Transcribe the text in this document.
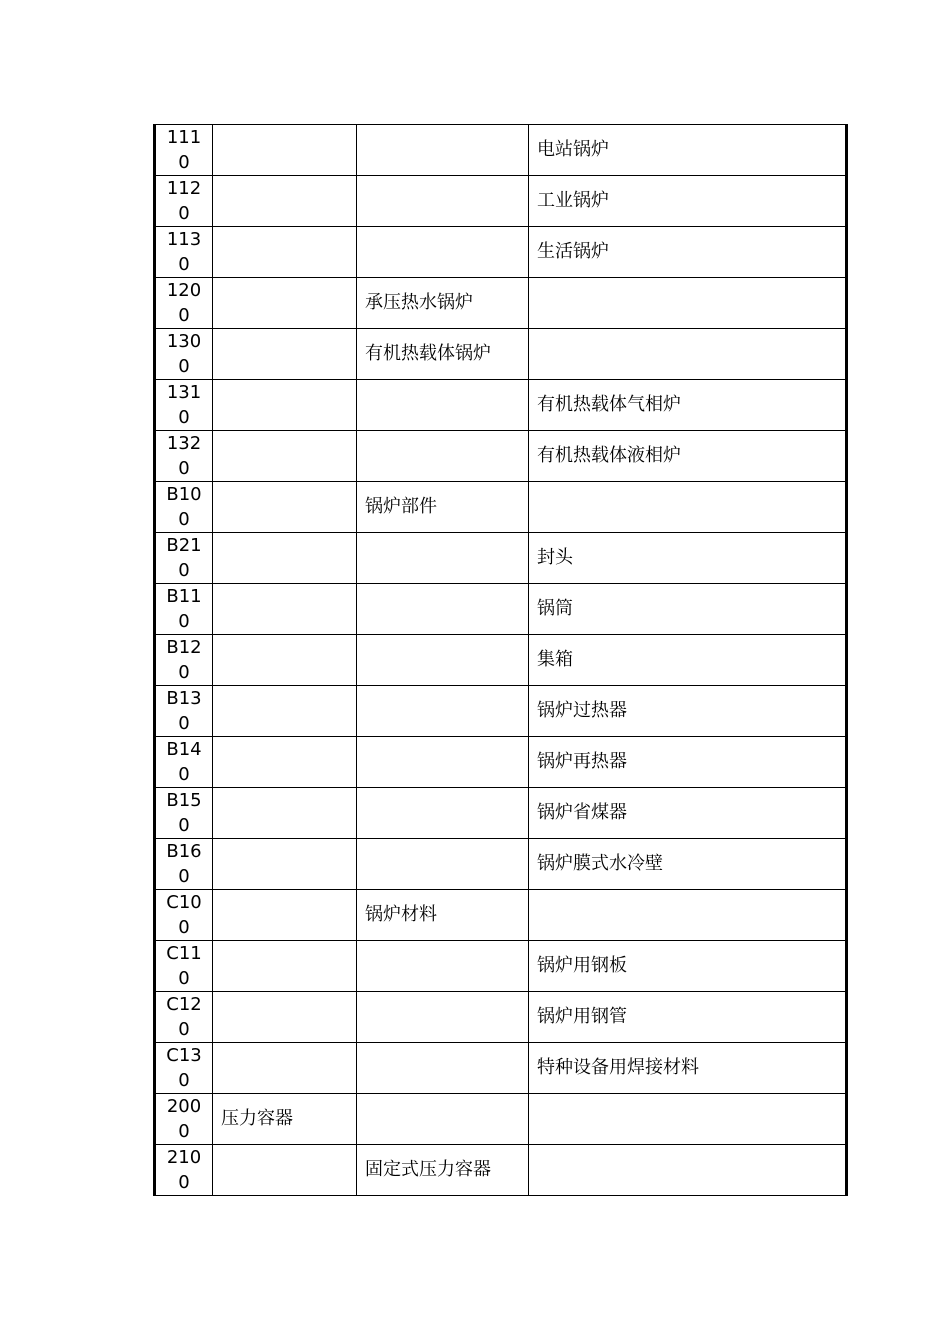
1110			电站锅炉
1120			工业锅炉
1130			生活锅炉
1200		承压热水锅炉	
1300		有机热载体锅炉	
1310			有机热载体气相炉
1320			有机热载体液相炉
B100		锅炉部件	
B210			封头
B110			锅筒
B120			集箱
B130			锅炉过热器
B140			锅炉再热器
B150			锅炉省煤器
B160			锅炉膜式水冷壁
C100		锅炉材料	
C110			锅炉用钢板
C120			锅炉用钢管
C130			特种设备用焊接材料
2000	压力容器		
2100		固定式压力容器	
